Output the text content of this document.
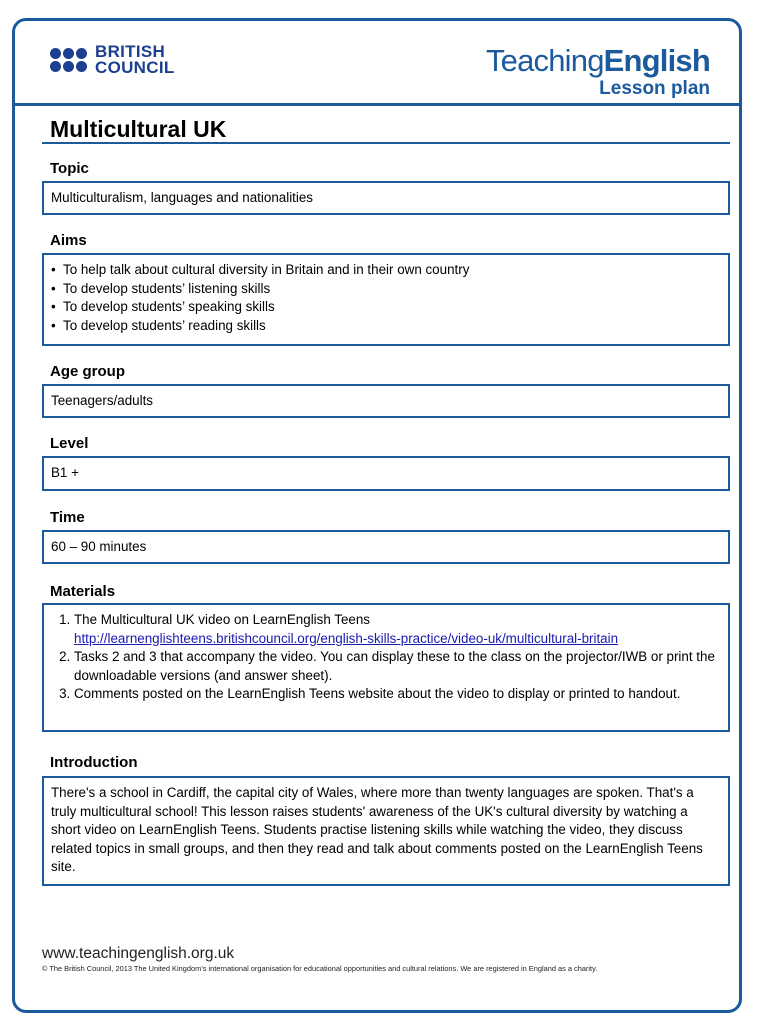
BRITISH
COUNCIL	TeachingEnglish
Lesson plan
Multicultural UK
Topic
Multiculturalism, languages and nationalities
Aims
• To help talk about cultural diversity in Britain and in their own country
• To develop students’ listening skills
• To develop students’ speaking skills
• To develop students’ reading skills
Age group
Teenagers/adults
Level
B1 +
Time
60 – 90 minutes
Materials
1. The Multicultural UK video on LearnEnglish Teens
http://learnenglishteens.britishcouncil.org/english-skills-practice/video-uk/multicultural-britain
2. Tasks 2 and 3 that accompany the video. You can display these to the class on the projector/IWB or print the downloadable versions (and answer sheet).
3. Comments posted on the LearnEnglish Teens website about the video to display or printed to handout.
Introduction
There's a school in Cardiff, the capital city of Wales, where more than twenty languages are spoken. That's a truly multicultural school! This lesson raises students' awareness of the UK's cultural diversity by watching a short video on LearnEnglish Teens. Students practise listening skills while watching the video, they discuss related topics in small groups, and then they read and talk about comments posted on the LearnEnglish Teens site.
www.teachingenglish.org.uk
© The British Council, 2013 The United Kingdom’s international organisation for educational opportunities and cultural relations. We are registered in England as a charity.
